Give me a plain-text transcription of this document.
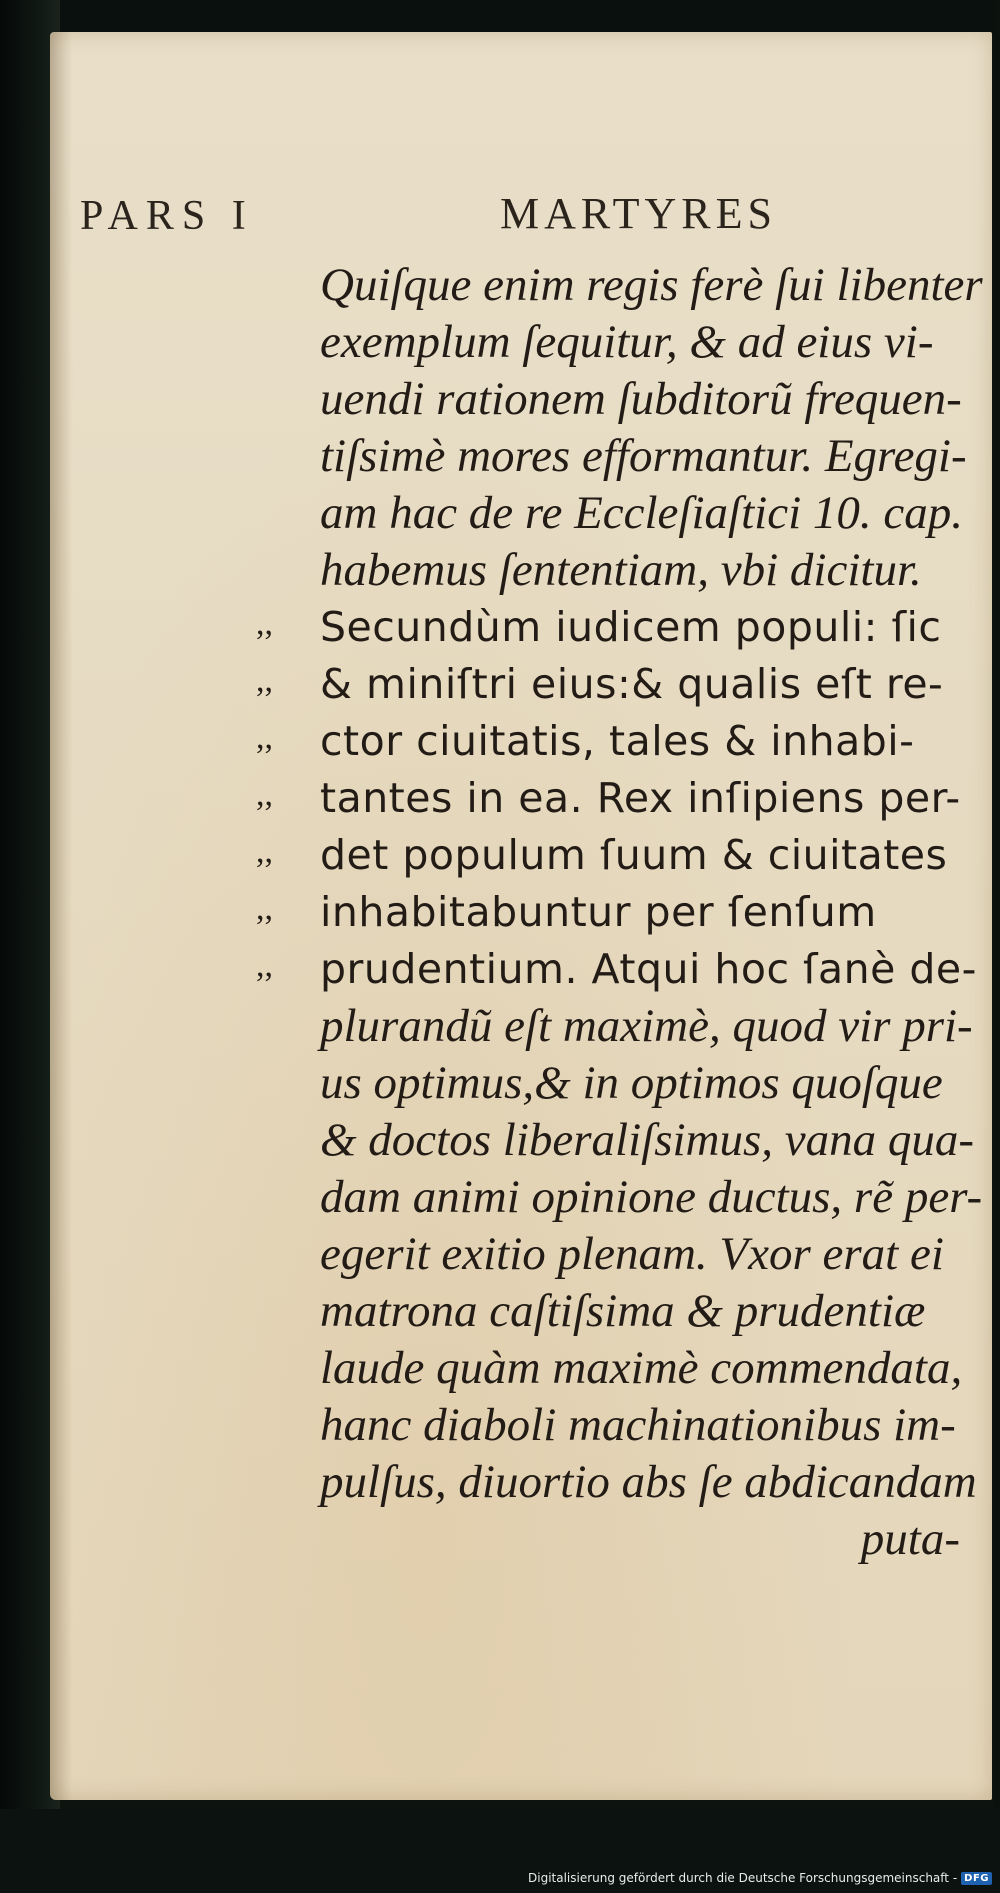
PARS I	MARTYRES
Quiſque enim regis ferè ſui libenter
exemplum ſequitur, & ad eius vi-
uendi rationem ſubditorũ frequen-
tiſsimè mores efformantur. Egregi-
am hac de re Eccleſiaſtici 10. cap.
habemus ſententiam, vbi dicitur.
,, Secundùm iudicem populi: ſic
,, & miniſtri eius:& qualis eſt re-
,, ctor ciuitatis, tales & inhabi-
,, tantes in ea. Rex inſipiens per-
,, det populum ſuum & ciuitates
,, inhabitabuntur per ſenſum
,, prudentium. Atqui hoc ſanè de-
plurandũ eſt maximè, quod vir pri-
us optimus,& in optimos quoſque
& doctos liberaliſsimus, vana qua-
dam animi opinione ductus, rẽ per-
egerit exitio plenam. Vxor erat ei
matrona caſtiſsima & prudentiæ
laude quàm maximè commendata,
hanc diaboli machinationibus im-
pulſus, diuortio abs ſe abdicandam
puta-
Digitalisierung gefördert durch die Deutsche Forschungsgemeinschaft - DFG
